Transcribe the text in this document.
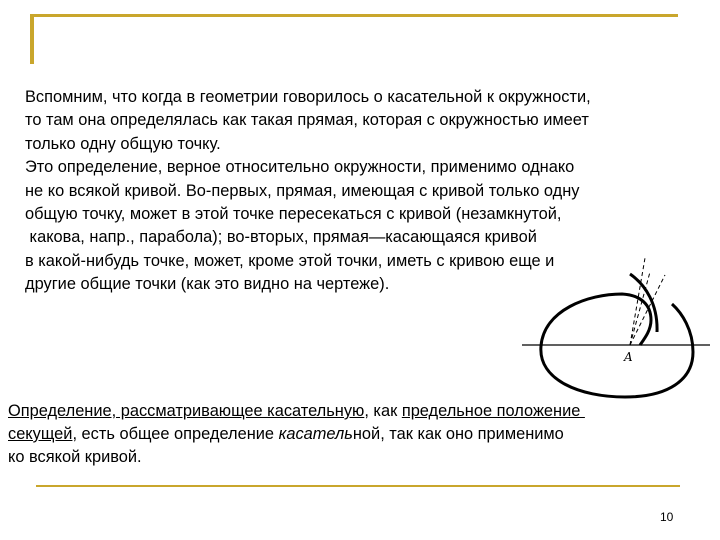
Вспомним, что когда в геометрии говорилось о касательной к окружности,
то там она определялась как такая прямая, которая с окружностью имеет
только одну общую точку.
Это определение, верное относительно окружности, применимо однако
не ко всякой кривой. Во-первых, прямая, имеющая с кривой только одну
общую точку, может в этой точке пересекаться с кривой (незамкнутой,
какова, напр., парабола); во-вторых, прямая—касающаяся кривой
в какой-нибудь точке, может, кроме этой точки, иметь с кривою еще и
другие общие точки (как это видно на чертеже).
A
Определение, рассматривающее касательную, как предельное положение
секущей, есть общее определение касательной, так как оно применимо
ко всякой кривой.
10
